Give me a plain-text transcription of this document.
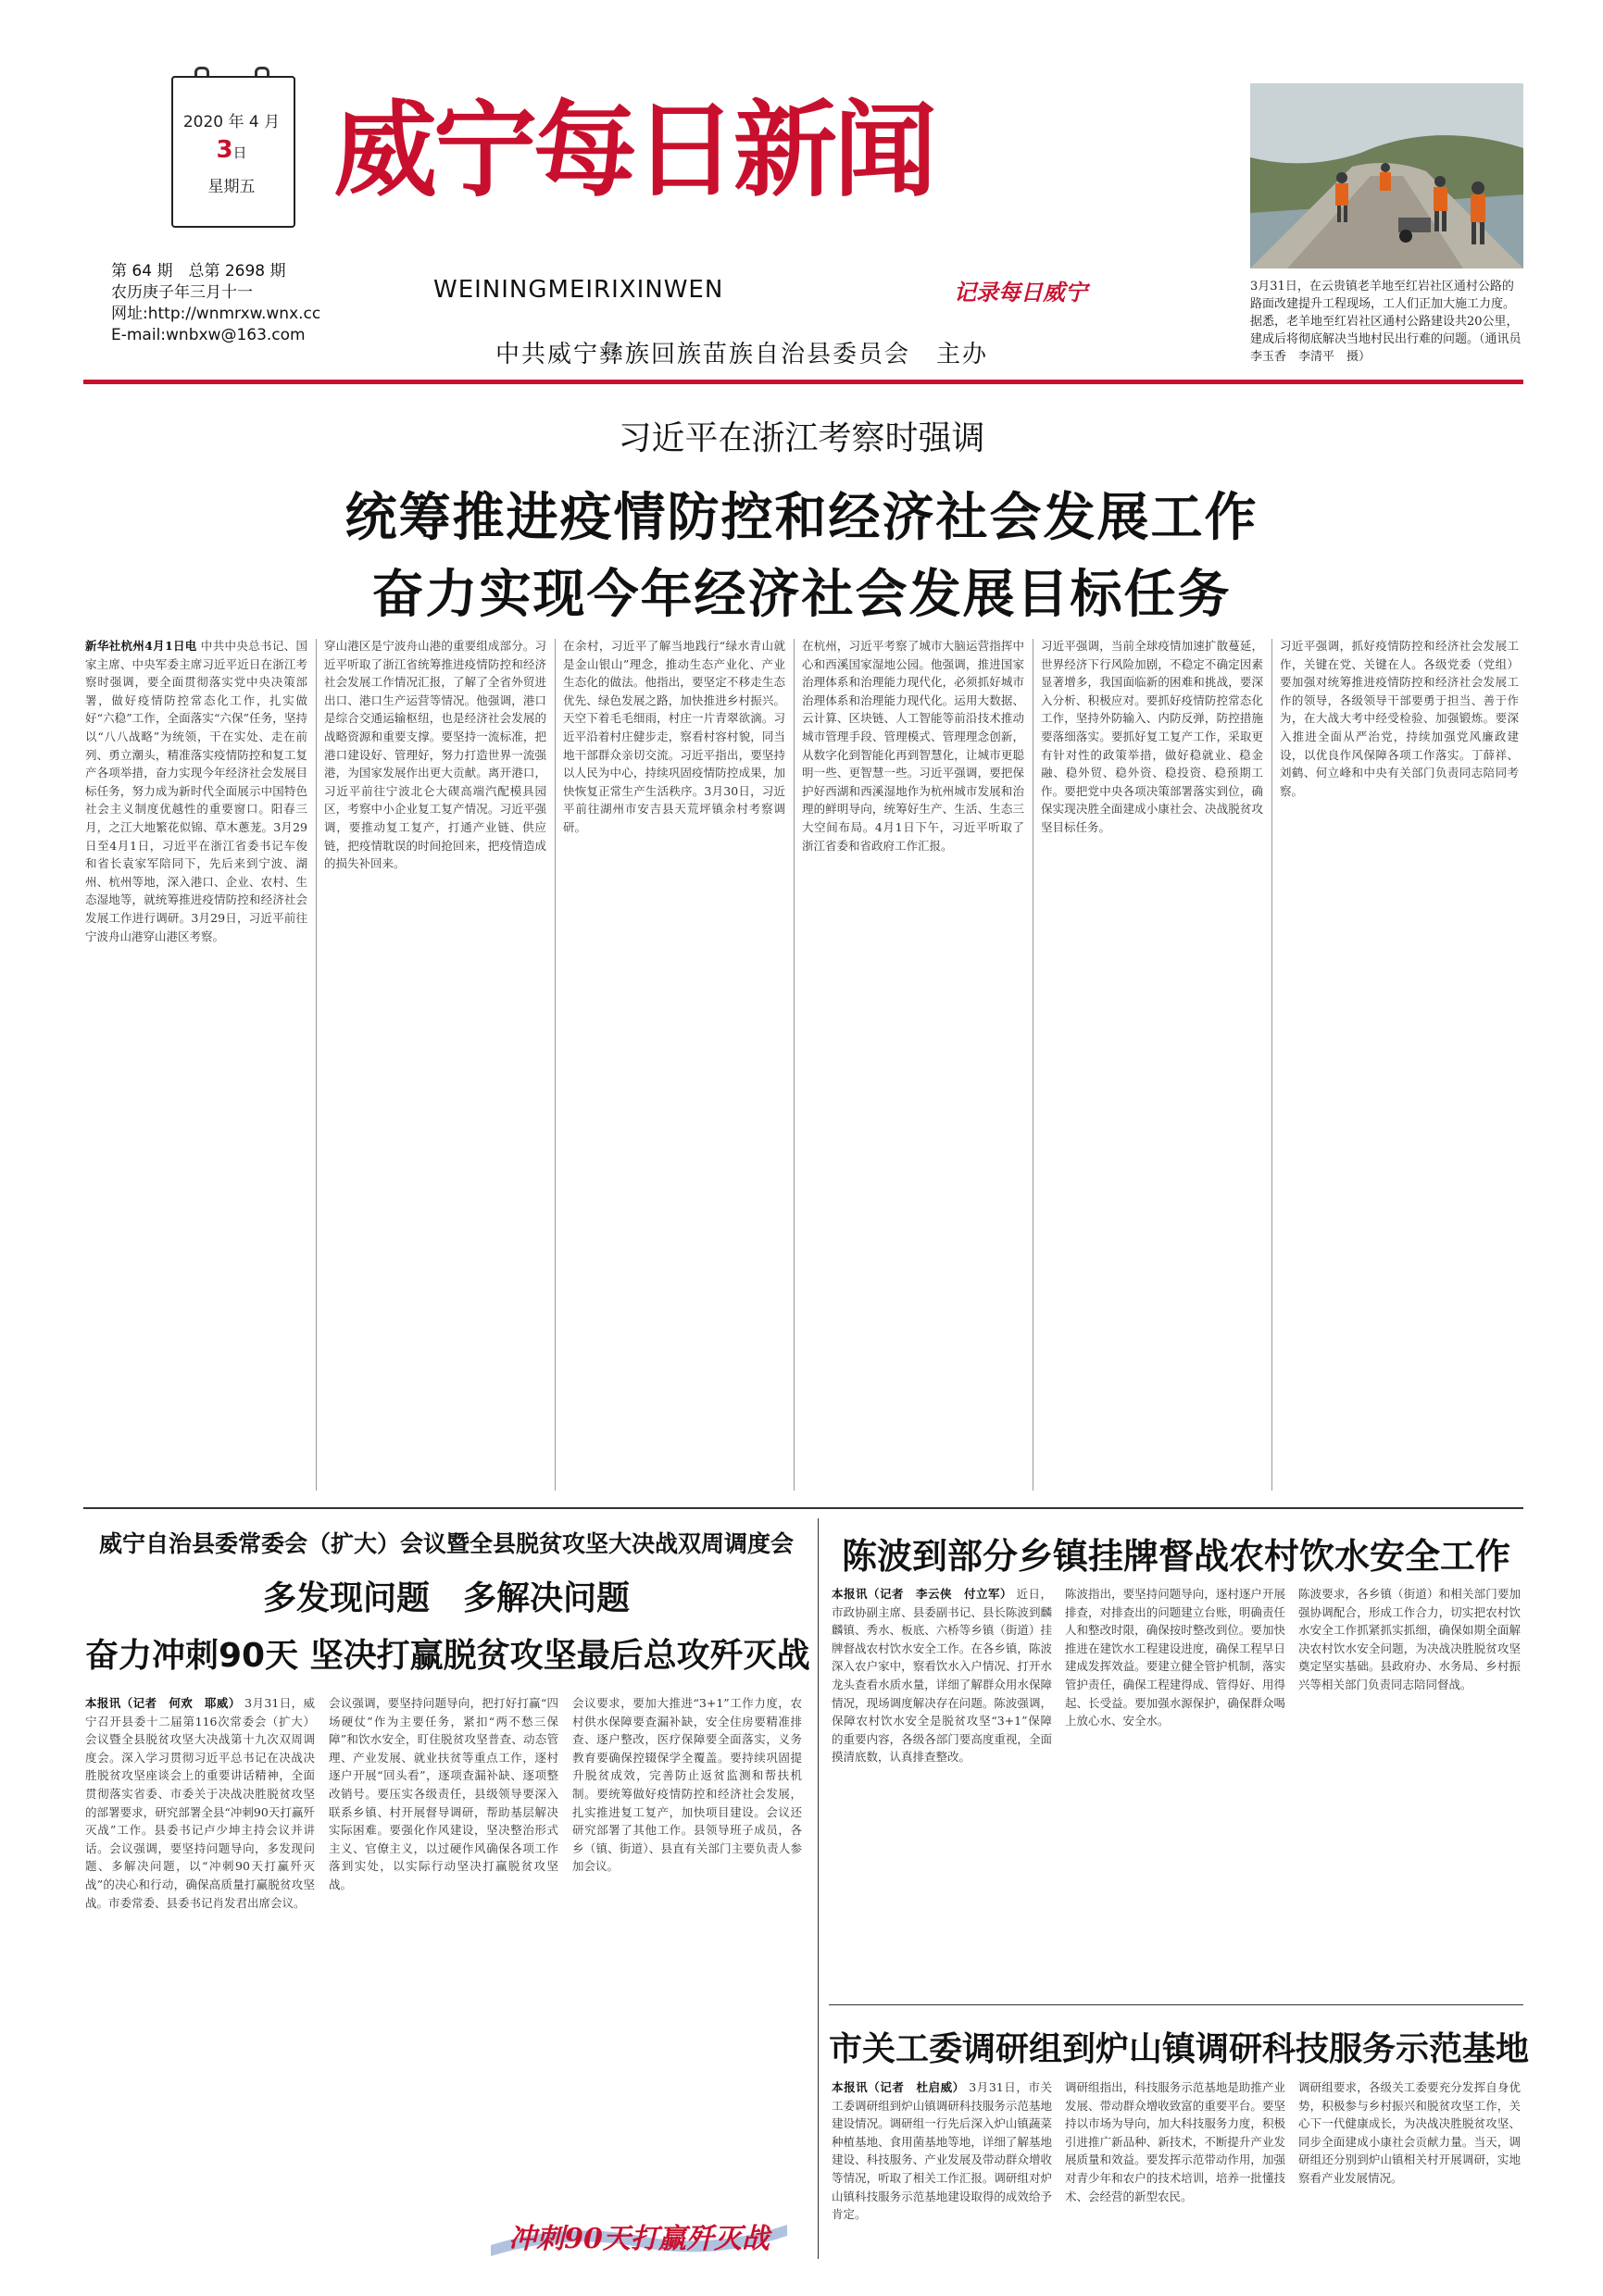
2020 年 4 月
3日
星期五
第 64 期　总第 2698 期
农历庚子年三月十一
网址:http://wnmrxw.wnx.cc
E-mail:wnbxw@163.com
威宁每日新闻
WEININGMEIRIXINWEN	记录每日威宁
中共威宁彝族回族苗族自治县委员会　主办
3月31日，在云贵镇老羊地至红岩社区通村公路的路面改建提升工程现场，工人们正加大施工力度。据悉，老羊地至红岩社区通村公路建设共20公里，建成后将彻底解决当地村民出行难的问题。（通讯员　李玉香　李清平　摄）
习近平在浙江考察时强调
统筹推进疫情防控和经济社会发展工作
奋力实现今年经济社会发展目标任务
新华社杭州4月1日电 中共中央总书记、国家主席、中央军委主席习近平近日在浙江考察时强调，要全面贯彻落实党中央决策部署，做好疫情防控常态化工作，扎实做好“六稳”工作，全面落实“六保”任务，坚持以“八八战略”为统领，干在实处、走在前列、勇立潮头，精准落实疫情防控和复工复产各项举措，奋力实现今年经济社会发展目标任务，努力成为新时代全面展示中国特色社会主义制度优越性的重要窗口。阳春三月，之江大地繁花似锦、草木蔥茏。3月29日至4月1日，习近平在浙江省委书记车俊和省长袁家军陪同下，先后来到宁波、湖州、杭州等地，深入港口、企业、农村、生态湿地等，就统筹推进疫情防控和经济社会发展工作进行调研。3月29日，习近平前往宁波舟山港穿山港区考察。
穿山港区是宁波舟山港的重要组成部分。习近平听取了浙江省统筹推进疫情防控和经济社会发展工作情况汇报，了解了全省外贸进出口、港口生产运营等情况。他强调，港口是综合交通运输枢纽，也是经济社会发展的战略资源和重要支撑。要坚持一流标准，把港口建设好、管理好，努力打造世界一流强港，为国家发展作出更大贡献。离开港口，习近平前往宁波北仑大碶高端汽配模具园区，考察中小企业复工复产情况。习近平强调，要推动复工复产，打通产业链、供应链，把疫情耽误的时间抢回来，把疫情造成的损失补回来。
在余村，习近平了解当地践行“绿水青山就是金山银山”理念，推动生态产业化、产业生态化的做法。他指出，要坚定不移走生态优先、绿色发展之路，加快推进乡村振兴。天空下着毛毛细雨，村庄一片青翠欲滴。习近平沿着村庄健步走，察看村容村貌，同当地干部群众亲切交流。习近平指出，要坚持以人民为中心，持续巩固疫情防控成果，加快恢复正常生产生活秩序。3月30日，习近平前往湖州市安吉县天荒坪镇余村考察调研。
在杭州，习近平考察了城市大脑运营指挥中心和西溪国家湿地公园。他强调，推进国家治理体系和治理能力现代化，必须抓好城市治理体系和治理能力现代化。运用大数据、云计算、区块链、人工智能等前沿技术推动城市管理手段、管理模式、管理理念创新，从数字化到智能化再到智慧化，让城市更聪明一些、更智慧一些。习近平强调，要把保护好西湖和西溪湿地作为杭州城市发展和治理的鲜明导向，统筹好生产、生活、生态三大空间布局。4月1日下午，习近平听取了浙江省委和省政府工作汇报。
习近平强调，当前全球疫情加速扩散蔓延，世界经济下行风险加剧，不稳定不确定因素显著增多，我国面临新的困难和挑战，要深入分析、积极应对。要抓好疫情防控常态化工作，坚持外防输入、内防反弹，防控措施要落细落实。要抓好复工复产工作，采取更有针对性的政策举措，做好稳就业、稳金融、稳外贸、稳外资、稳投资、稳预期工作。要把党中央各项决策部署落实到位，确保实现决胜全面建成小康社会、决战脱贫攻坚目标任务。
习近平强调，抓好疫情防控和经济社会发展工作，关键在党、关键在人。各级党委（党组）要加强对统筹推进疫情防控和经济社会发展工作的领导，各级领导干部要勇于担当、善于作为，在大战大考中经受检验、加强锻炼。要深入推进全面从严治党，持续加强党风廉政建设，以优良作风保障各项工作落实。丁薛祥、刘鹤、何立峰和中央有关部门负责同志陪同考察。
威宁自治县委常委会（扩大）会议暨全县脱贫攻坚大决战双周调度会
多发现问题　多解决问题
奋力冲刺90天 坚决打赢脱贫攻坚最后总攻歼灭战
本报讯（记者　何欢　耶威） 3月31日，威宁召开县委十二届第116次常委会（扩大）会议暨全县脱贫攻坚大决战第十九次双周调度会。深入学习贯彻习近平总书记在决战决胜脱贫攻坚座谈会上的重要讲话精神，全面贯彻落实省委、市委关于决战决胜脱贫攻坚的部署要求，研究部署全县“冲刺90天打赢歼灭战”工作。县委书记卢少坤主持会议并讲话。会议强调，要坚持问题导向，多发现问题、多解决问题，以“冲刺90天打赢歼灭战”的决心和行动，确保高质量打赢脱贫攻坚战。市委常委、县委书记肖发君出席会议。
会议强调，要坚持问题导向，把打好打赢“四场硬仗”作为主要任务，紧扣“两不愁三保障”和饮水安全，盯住脱贫攻坚普查、动态管理、产业发展、就业扶贫等重点工作，逐村逐户开展“回头看”，逐项查漏补缺、逐项整改销号。要压实各级责任，县级领导要深入联系乡镇、村开展督导调研，帮助基层解决实际困难。要强化作风建设，坚决整治形式主义、官僚主义，以过硬作风确保各项工作落到实处，以实际行动坚决打赢脱贫攻坚战。
会议要求，要加大推进“3+1”工作力度，农村供水保障要查漏补缺，安全住房要精准排查、逐户整改，医疗保障要全面落实，义务教育要确保控辍保学全覆盖。要持续巩固提升脱贫成效，完善防止返贫监测和帮扶机制。要统筹做好疫情防控和经济社会发展，扎实推进复工复产，加快项目建设。会议还研究部署了其他工作。县领导班子成员，各乡（镇、街道）、县直有关部门主要负责人参加会议。
冲刺90天打赢歼灭战
陈波到部分乡镇挂牌督战农村饮水安全工作
本报讯（记者　李云侠　付立军） 近日，市政协副主席、县委副书记、县长陈波到麟麟镇、秀水、板底、六桥等乡镇（街道）挂牌督战农村饮水安全工作。在各乡镇，陈波深入农户家中，察看饮水入户情况、打开水龙头查看水质水量，详细了解群众用水保障情况，现场调度解决存在问题。陈波强调，保障农村饮水安全是脱贫攻坚“3+1”保障的重要内容，各级各部门要高度重视，全面摸清底数，认真排查整改。
陈波指出，要坚持问题导向，逐村逐户开展排查，对排查出的问题建立台账，明确责任人和整改时限，确保按时整改到位。要加快推进在建饮水工程建设进度，确保工程早日建成发挥效益。要建立健全管护机制，落实管护责任，确保工程建得成、管得好、用得起、长受益。要加强水源保护，确保群众喝上放心水、安全水。
陈波要求，各乡镇（街道）和相关部门要加强协调配合，形成工作合力，切实把农村饮水安全工作抓紧抓实抓细，确保如期全面解决农村饮水安全问题，为决战决胜脱贫攻坚奠定坚实基础。县政府办、水务局、乡村振兴等相关部门负责同志陪同督战。
市关工委调研组到炉山镇调研科技服务示范基地
本报讯（记者　杜启威） 3月31日，市关工委调研组到炉山镇调研科技服务示范基地建设情况。调研组一行先后深入炉山镇蔬菜种植基地、食用菌基地等地，详细了解基地建设、科技服务、产业发展及带动群众增收等情况，听取了相关工作汇报。调研组对炉山镇科技服务示范基地建设取得的成效给予肯定。
调研组指出，科技服务示范基地是助推产业发展、带动群众增收致富的重要平台。要坚持以市场为导向，加大科技服务力度，积极引进推广新品种、新技术，不断提升产业发展质量和效益。要发挥示范带动作用，加强对青少年和农户的技术培训，培养一批懂技术、会经营的新型农民。
调研组要求，各级关工委要充分发挥自身优势，积极参与乡村振兴和脱贫攻坚工作，关心下一代健康成长，为决战决胜脱贫攻坚、同步全面建成小康社会贡献力量。当天，调研组还分别到炉山镇相关村开展调研，实地察看产业发展情况。
